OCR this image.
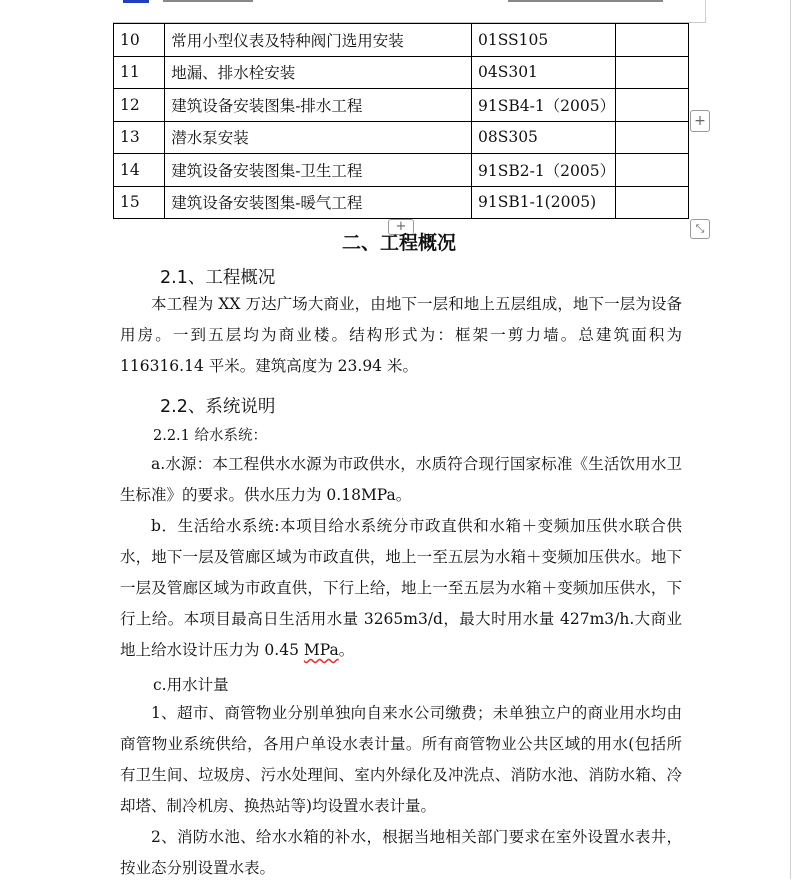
10	常用小型仪表及特种阀门选用安装	01SS105	
11	地漏、排水栓安装	04S301	
12	建筑设备安装图集-排水工程	91SB4-1（2005）	
13	潜水泵安装	08S305	
14	建筑设备安装图集-卫生工程	91SB2-1（2005）	
15	建筑设备安装图集-暖气工程	91SB1-1(2005)	
+
+	⤡
二、工程概况
2.1、工程概况
本工程为 XX 万达广场大商业，由地下一层和地上五层组成，地下一层为设备用房。一到五层均为商业楼。结构形式为：框架一剪力墙。总建筑面积为 116316.14 平米。建筑高度为 23.94 米。
2.2、系统说明
2.2.1 给水系统：
a.水源：本工程供水水源为市政供水，水质符合现行国家标准《生活饮用水卫生标准》的要求。供水压力为 0.18MPa。
b．生活给水系统:本项目给水系统分市政直供和水箱＋变频加压供水联合供水，地下一层及管廊区域为市政直供，地上一至五层为水箱＋变频加压供水。地下一层及管廊区域为市政直供，下行上给，地上一至五层为水箱＋变频加压供水，下行上给。本项目最高日生活用水量 3265m3/d，最大时用水量 427m3/h.大商业地上给水设计压力为 0.45 MPa。
c.用水计量
1、超市、商管物业分别单独向自来水公司缴费；未单独立户的商业用水均由商管物业系统供给，各用户单设水表计量。所有商管物业公共区域的用水(包括所有卫生间、垃圾房、污水处理间、室内外绿化及冲洗点、消防水池、消防水箱、冷却塔、制冷机房、换热站等)均设置水表计量。
2、消防水池、给水水箱的补水，根据当地相关部门要求在室外设置水表井，按业态分别设置水表。
